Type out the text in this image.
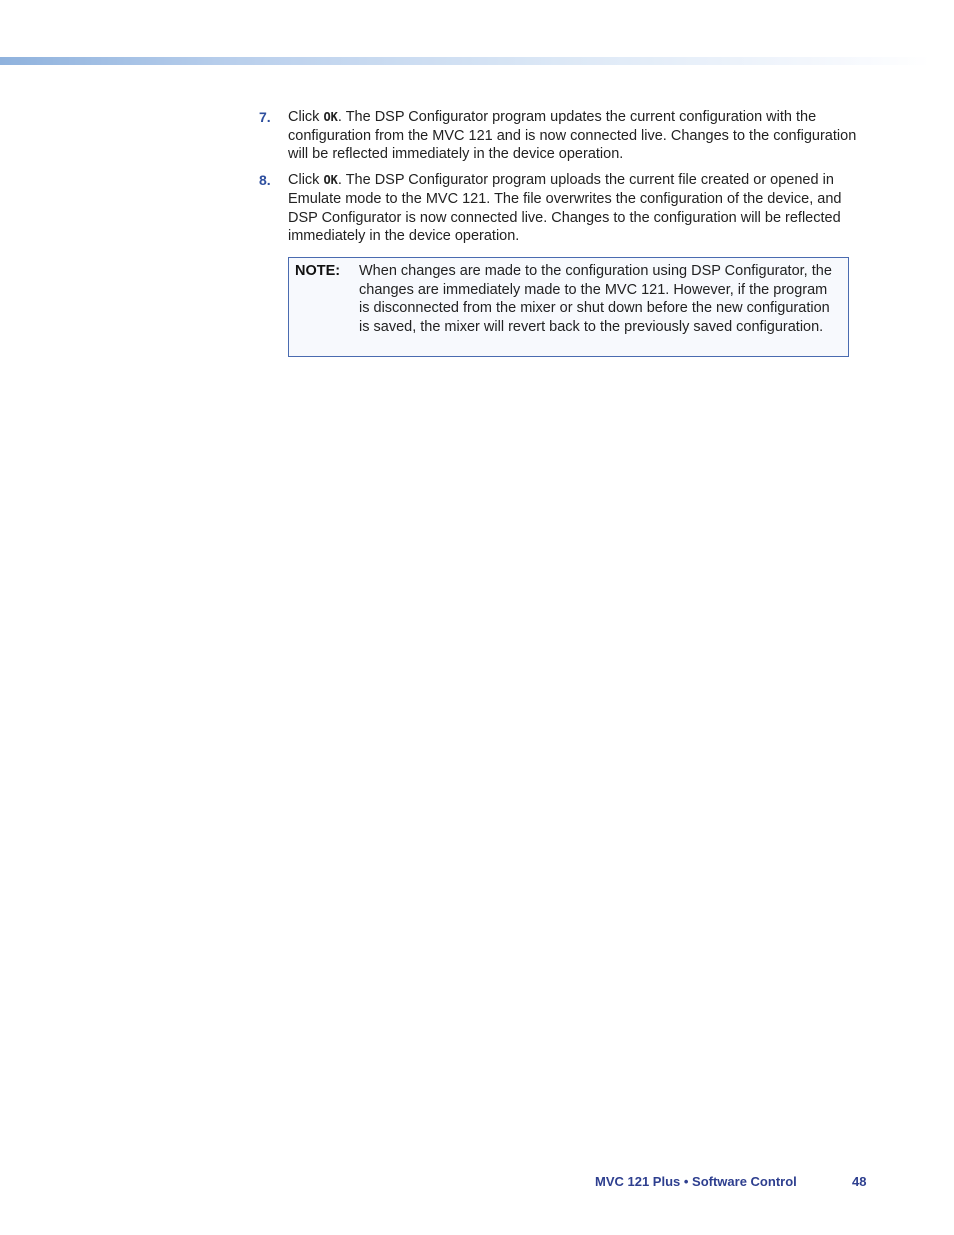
7. Click OK. The DSP Configurator program updates the current configuration with the configuration from the MVC 121 and is now connected live. Changes to the configuration will be reflected immediately in the device operation.
8. Click OK. The DSP Configurator program uploads the current file created or opened in Emulate mode to the MVC 121. The file overwrites the configuration of the device, and DSP Configurator is now connected live. Changes to the configuration will be reflected immediately in the device operation.
NOTE: When changes are made to the configuration using DSP Configurator, the changes are immediately made to the MVC 121. However, if the program is disconnected from the mixer or shut down before the new configuration is saved, the mixer will revert back to the previously saved configuration.
MVC 121 Plus • Software Control	48
